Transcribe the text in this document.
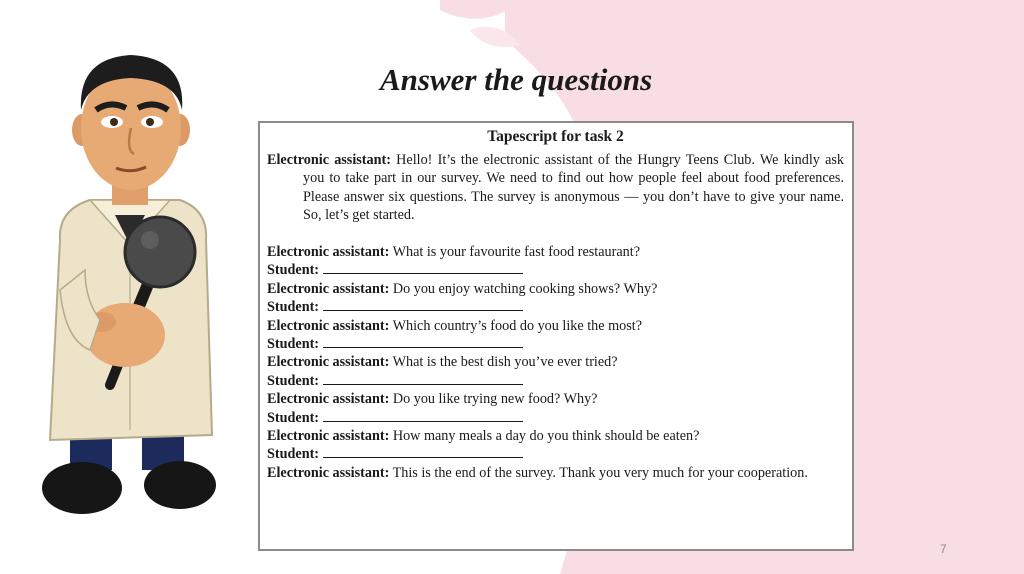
Answer the questions
Tapescript for task 2
Electronic assistant: Hello! It’s the electronic assistant of the Hungry Teens Club. We kindly ask you to take part in our survey. We need to find out how people feel about food preferences. Please answer six questions. The survey is anonymous — you don’t have to give your name. So, let’s get started.
Electronic assistant: What is your favourite fast food restaurant?
Student:
Electronic assistant: Do you enjoy watching cooking shows? Why?
Student:
Electronic assistant: Which country’s food do you like the most?
Student:
Electronic assistant: What is the best dish you’ve ever tried?
Student:
Electronic assistant: Do you like trying new food? Why?
Student:
Electronic assistant: How many meals a day do you think should be eaten?
Student:
Electronic assistant: This is the end of the survey. Thank you very much for your cooperation.
7
